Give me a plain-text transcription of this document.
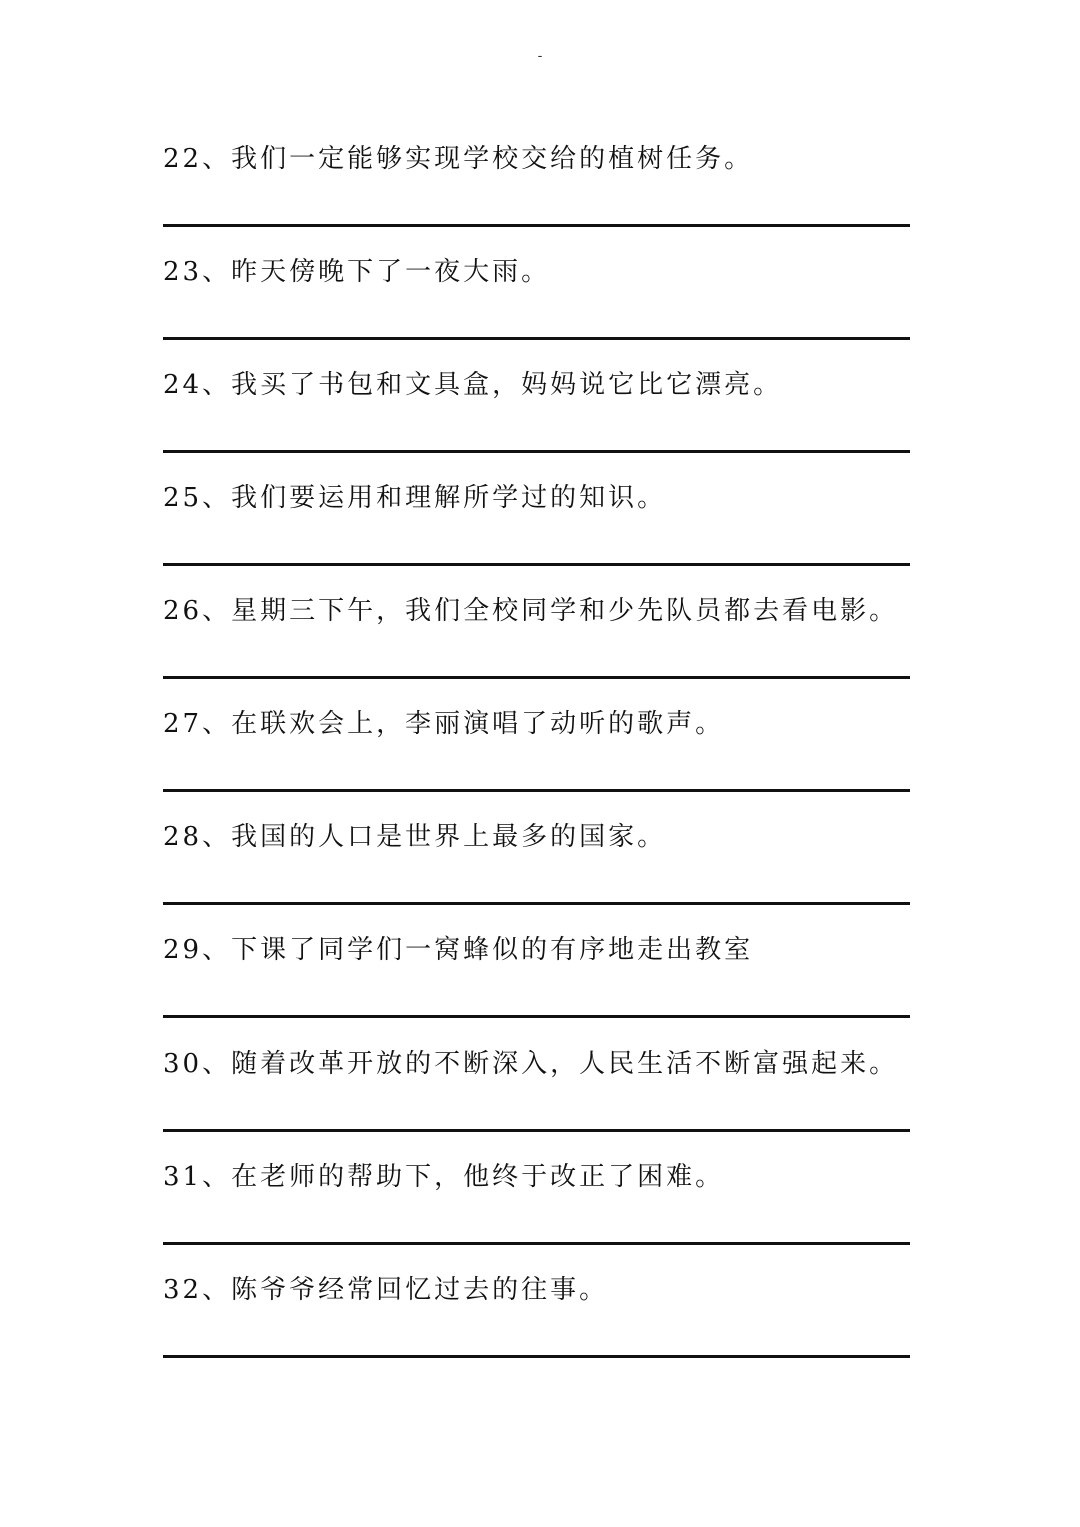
-
22、我们一定能够实现学校交给的植树任务。
23、昨天傍晚下了一夜大雨。
24、我买了书包和文具盒，妈妈说它比它漂亮。
25、我们要运用和理解所学过的知识。
26、星期三下午，我们全校同学和少先队员都去看电影。
27、在联欢会上，李丽演唱了动听的歌声。
28、我国的人口是世界上最多的国家。
29、下课了同学们一窝蜂似的有序地走出教室
30、随着改革开放的不断深入，人民生活不断富强起来。
31、在老师的帮助下，他终于改正了困难。
32、陈爷爷经常回忆过去的往事。
